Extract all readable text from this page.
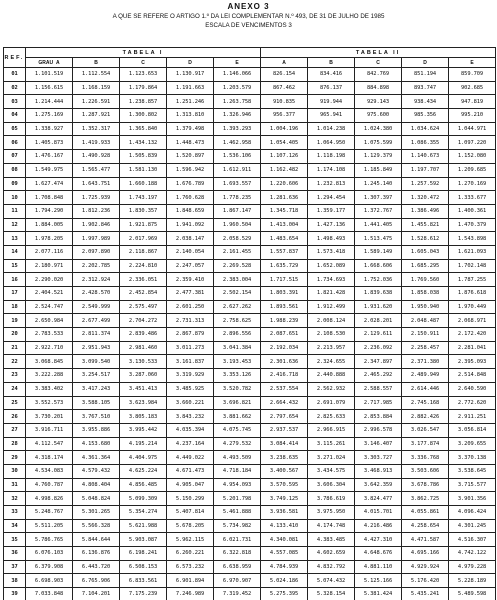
ANEXO 3
A QUE SE REFERE O ARTIGO 1.º DA LEI COMPLEMENTAR N.º 493, DE 31 DE JULHO DE 1985
ESCALA DE VENCIMENTOS 3
REF.	TABELA I					TABELA II				
	GRAU A	B	C	D	E	A	B	C	D	E
01	1.101.519	1.112.554	1.123.653	1.130.917	1.146.066	826.154	834.416	842.769	851.194	859.709
02	1.156.615	1.168.159	1.179.864	1.191.663	1.203.579	867.462	876.137	884.898	893.747	902.685
03	1.214.444	1.226.591	1.238.857	1.251.246	1.263.758	910.835	919.944	929.143	938.434	947.819
04	1.275.169	1.287.921	1.300.802	1.313.810	1.326.946	956.377	965.941	975.600	985.356	995.210
05	1.338.927	1.352.317	1.365.840	1.379.498	1.393.293	1.004.196	1.014.238	1.024.380	1.034.624	1.044.971
06	1.405.873	1.419.933	1.434.132	1.448.473	1.462.958	1.054.405	1.064.950	1.075.599	1.086.355	1.097.220
07	1.476.167	1.490.928	1.505.839	1.520.897	1.536.106	1.107.126	1.118.198	1.129.379	1.140.673	1.152.080
08	1.549.975	1.565.477	1.581.130	1.596.942	1.612.911	1.162.482	1.174.108	1.185.849	1.197.707	1.209.685
09	1.627.474	1.643.751	1.660.188	1.676.789	1.693.557	1.220.606	1.232.813	1.245.140	1.257.592	1.270.169
10	1.708.848	1.725.939	1.743.197	1.760.628	1.778.235	1.281.636	1.294.454	1.307.397	1.320.472	1.333.677
11	1.794.290	1.812.236	1.830.357	1.848.659	1.867.147	1.345.718	1.359.177	1.372.767	1.386.496	1.400.361
12	1.884.005	1.902.846	1.921.875	1.941.092	1.960.504	1.413.004	1.427.136	1.441.405	1.455.821	1.470.379
13	1.978.205	1.997.989	2.017.969	2.038.147	2.058.529	1.483.654	1.498.493	1.513.475	1.528.612	1.543.898
14	2.077.116	2.097.890	2.118.867	2.140.054	2.161.455	1.557.837	1.573.418	1.589.149	1.605.043	1.621.093
15	2.180.971	2.202.785	2.224.810	2.247.057	2.269.528	1.635.729	1.652.089	1.668.606	1.685.295	1.702.148
16	2.290.020	2.312.924	2.336.051	2.359.410	2.383.004	1.717.515	1.734.693	1.752.036	1.769.560	1.787.255
17	2.404.521	2.428.570	2.452.854	2.477.381	2.502.154	1.803.391	1.821.428	1.839.638	1.858.038	1.876.618
18	2.524.747	2.549.999	2.575.497	2.601.250	2.627.262	1.893.561	1.912.499	1.931.620	1.950.940	1.970.449
19	2.650.984	2.677.499	2.704.272	2.731.313	2.758.625	1.988.239	2.008.124	2.028.201	2.048.487	2.068.971
20	2.783.533	2.811.374	2.839.486	2.867.879	2.896.556	2.087.651	2.108.530	2.129.611	2.150.911	2.172.420
21	2.922.710	2.951.943	2.981.460	3.011.273	3.041.384	2.192.034	2.213.957	2.236.092	2.258.457	2.281.041
22	3.068.845	3.099.540	3.130.533	3.161.837	3.193.453	2.301.636	2.324.655	2.347.897	2.371.380	2.395.093
23	3.222.288	3.254.517	3.287.060	3.319.929	3.353.126	2.416.718	2.440.888	2.465.292	2.489.949	2.514.848
24	3.383.402	3.417.243	3.451.413	3.485.925	3.520.782	2.537.554	2.562.932	2.588.557	2.614.446	2.640.590
25	3.552.573	3.588.105	3.623.984	3.660.221	3.696.821	2.664.432	2.691.079	2.717.985	2.745.168	2.772.620
26	3.730.201	3.767.510	3.805.183	3.843.232	3.881.662	2.797.654	2.825.633	2.853.884	2.882.426	2.911.251
27	3.916.711	3.955.886	3.995.442	4.035.394	4.075.745	2.937.537	2.966.915	2.996.578	3.026.547	3.056.814
28	4.112.547	4.153.680	4.195.214	4.237.164	4.279.532	3.084.414	3.115.261	3.146.407	3.177.874	3.209.655
29	4.318.174	4.361.364	4.404.975	4.449.022	4.493.509	3.238.635	3.271.024	3.303.727	3.336.768	3.370.138
30	4.534.083	4.579.432	4.625.224	4.671.473	4.718.184	3.400.567	3.434.575	3.468.913	3.503.606	3.538.645
31	4.760.787	4.808.404	4.856.485	4.905.047	4.954.093	3.570.595	3.606.304	3.642.359	3.678.786	3.715.577
32	4.998.826	5.048.824	5.099.309	5.150.299	5.201.798	3.749.125	3.786.619	3.824.477	3.862.725	3.901.356
33	5.248.767	5.301.265	5.354.274	5.407.814	5.461.888	3.936.581	3.975.950	4.015.701	4.055.861	4.096.424
34	5.511.205	5.566.328	5.621.988	5.678.205	5.734.982	4.133.410	4.174.748	4.216.486	4.258.654	4.301.245
35	5.786.765	5.844.644	5.903.087	5.962.115	6.021.731	4.340.081	4.383.485	4.427.310	4.471.587	4.516.307
36	6.076.103	6.136.876	6.198.241	6.260.221	6.322.818	4.557.085	4.602.659	4.648.676	4.695.166	4.742.122
37	6.379.908	6.443.720	6.508.153	6.573.232	6.638.959	4.784.939	4.832.792	4.881.110	4.929.924	4.979.228
38	6.698.903	6.765.906	6.833.561	6.901.894	6.970.907	5.024.186	5.074.432	5.125.166	5.176.420	5.228.189
39	7.033.848	7.104.201	7.175.239	7.246.989	7.319.452	5.275.395	5.328.154	5.381.424	5.435.241	5.489.598
